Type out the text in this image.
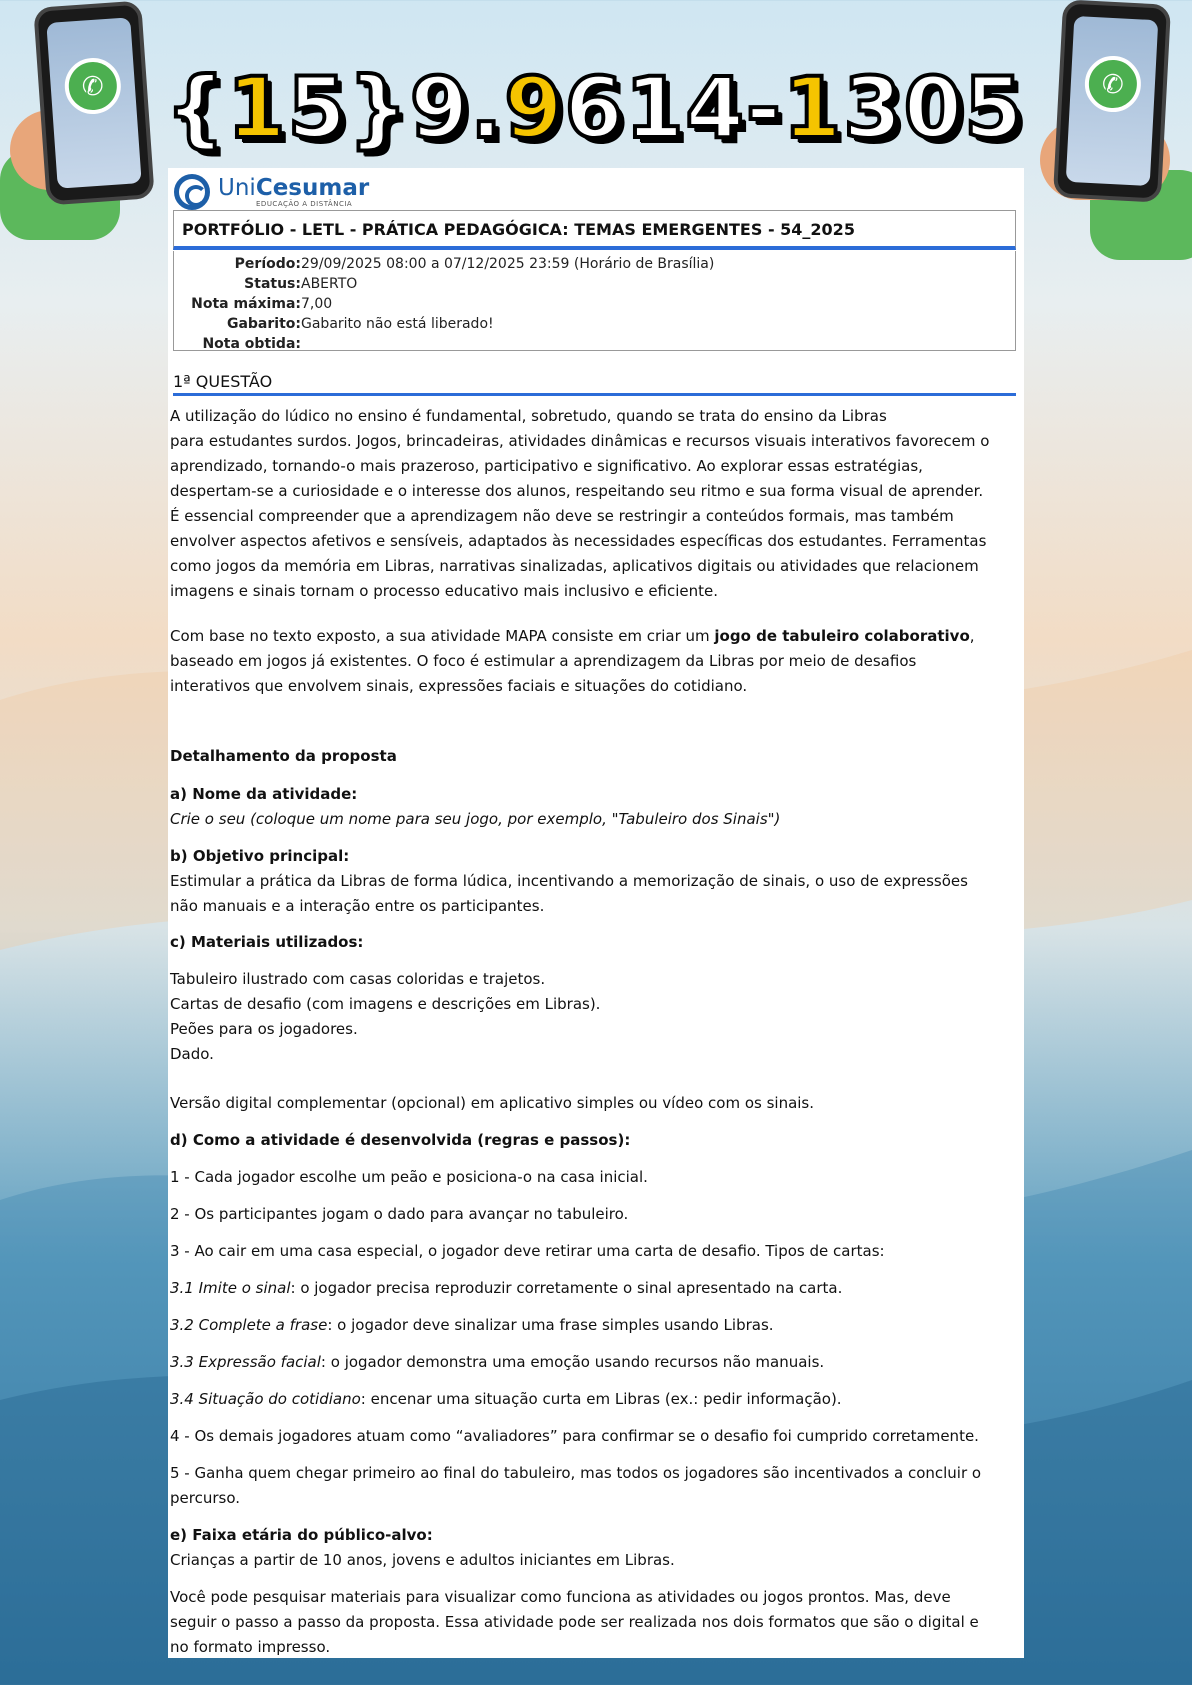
✆	✆
{15}9.9614-1305
UniCesumar
EDUCAÇÃO A DISTÂNCIA
PORTFÓLIO - LETL - PRÁTICA PEDAGÓGICA: TEMAS EMERGENTES - 54_2025
Período:29/09/2025 08:00 a 07/12/2025 23:59 (Horário de Brasília)
Status:ABERTO
Nota máxima:7,00
Gabarito:Gabarito não está liberado!
Nota obtida:
1ª QUESTÃO

A utilização do lúdico no ensino é fundamental, sobretudo, quando se trata do ensino da Libras

para estudantes surdos. Jogos, brincadeiras, atividades dinâmicas e recursos visuais interativos favorecem o

aprendizado, tornando-o mais prazeroso, participativo e significativo. Ao explorar essas estratégias,

despertam-se a curiosidade e o interesse dos alunos, respeitando seu ritmo e sua forma visual de aprender.

É essencial compreender que a aprendizagem não deve se restringir a conteúdos formais, mas também

envolver aspectos afetivos e sensíveis, adaptados às necessidades específicas dos estudantes. Ferramentas

como jogos da memória em Libras, narrativas sinalizadas, aplicativos digitais ou atividades que relacionem

imagens e sinais tornam o processo educativo mais inclusivo e eficiente.

Com base no texto exposto, a sua atividade MAPA consiste em criar um jogo de tabuleiro colaborativo,

baseado em jogos já existentes. O foco é estimular a aprendizagem da Libras por meio de desafios

interativos que envolvem sinais, expressões faciais e situações do cotidiano.

Detalhamento da proposta

a) Nome da atividade:

Crie o seu (coloque um nome para seu jogo, por exemplo, "Tabuleiro dos Sinais")

b) Objetivo principal:

Estimular a prática da Libras de forma lúdica, incentivando a memorização de sinais, o uso de expressões

não manuais e a interação entre os participantes.

c) Materiais utilizados:

Tabuleiro ilustrado com casas coloridas e trajetos.

Cartas de desafio (com imagens e descrições em Libras).

Peões para os jogadores.

Dado.

Versão digital complementar (opcional) em aplicativo simples ou vídeo com os sinais.
d) Como a atividade é desenvolvida (regras e passos):
1 - Cada jogador escolhe um peão e posiciona-o na casa inicial.
2 - Os participantes jogam o dado para avançar no tabuleiro.
3 - Ao cair em uma casa especial, o jogador deve retirar uma carta de desafio. Tipos de cartas:
3.1 Imite o sinal: o jogador precisa reproduzir corretamente o sinal apresentado na carta.
3.2 Complete a frase: o jogador deve sinalizar uma frase simples usando Libras.
3.3 Expressão facial: o jogador demonstra uma emoção usando recursos não manuais.
3.4 Situação do cotidiano: encenar uma situação curta em Libras (ex.: pedir informação).
4 - Os demais jogadores atuam como “avaliadores” para confirmar se o desafio foi cumprido corretamente.

5 - Ganha quem chegar primeiro ao final do tabuleiro, mas todos os jogadores são incentivados a concluir o

percurso.

e) Faixa etária do público-alvo:

Crianças a partir de 10 anos, jovens e adultos iniciantes em Libras.

Você pode pesquisar materiais para visualizar como funciona as atividades ou jogos prontos. Mas, deve

seguir o passo a passo da proposta. Essa atividade pode ser realizada nos dois formatos que são o digital e

no formato impresso.
